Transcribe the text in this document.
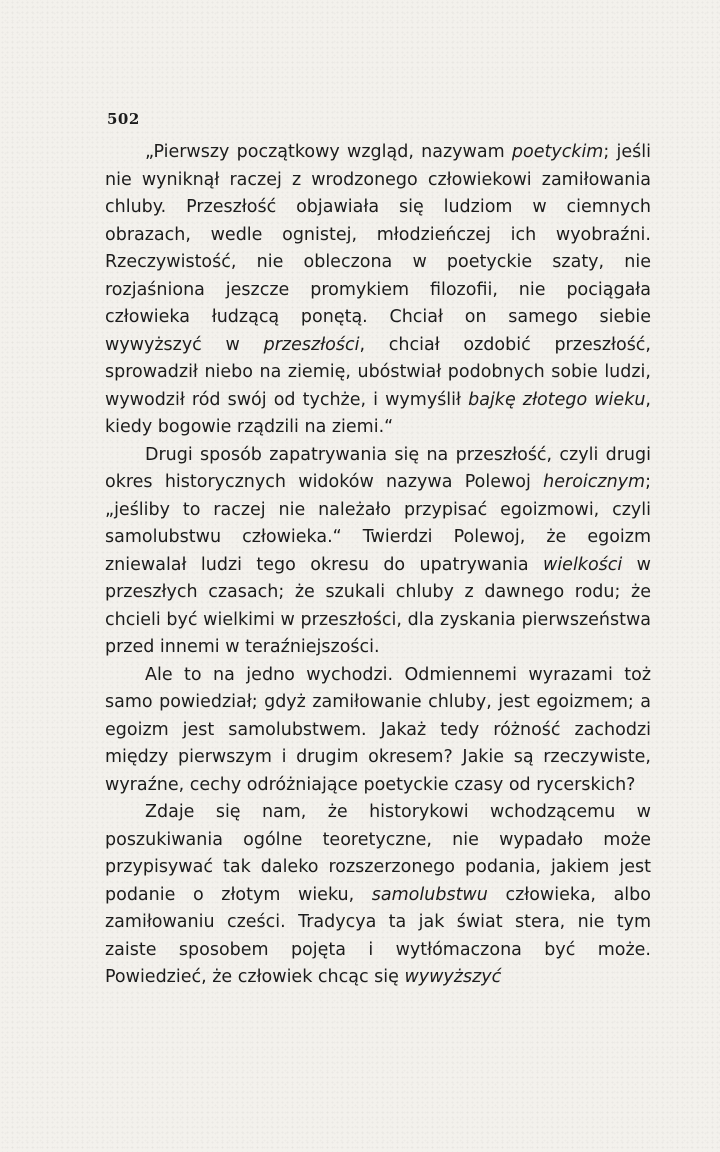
502

„Pierwszy początkowy wzgląd, nazywam poetyckim; jeśli nie wyniknął raczej z wrodzonego człowiekowi zamiłowania chluby. Przeszłość objawiała się ludziom w ciemnych obrazach, wedle ognistej, młodzieńczej ich wyobraźni. Rzeczywistość, nie obleczona w poetyckie szaty, nie rozjaśniona jeszcze promykiem filozofii, nie pociągała człowieka łudzącą ponętą. Chciał on samego siebie wywyższyć w przeszłości, chciał ozdobić przeszłość, sprowadził niebo na ziemię, ubóstwiał podobnych sobie ludzi, wywodził ród swój od tychże, i wymyślił bajkę złotego wieku, kiedy bogowie rządzili na ziemi.“

Drugi sposób zapatrywania się na przeszłość, czyli drugi okres historycznych widoków nazywa Polewoj heroicznym; „jeśliby to raczej nie należało przypisać egoizmowi, czyli samolubstwu człowieka.“ Twierdzi Polewoj, że egoizm zniewalał ludzi tego okresu do upatrywania wielkości w przeszłych czasach; że szukali chluby z dawnego rodu; że chcieli być wielkimi w przeszłości, dla zyskania pierwszeństwa przed innemi w teraźniejszości.

Ale to na jedno wychodzi. Odmiennemi wyrazami toż samo powiedział; gdyż zamiłowanie chluby, jest egoizmem; a egoizm jest samolubstwem. Jakaż tedy różność zachodzi między pierwszym i drugim okresem? Jakie są rzeczywiste, wyraźne, cechy odróżniające poetyckie czasy od rycerskich?

Zdaje się nam, że historykowi wchodzącemu w poszukiwania ogólne teoretyczne, nie wypadało może przypisywać tak daleko rozszerzonego podania, jakiem jest podanie o złotym wieku, samolubstwu człowieka, albo zamiłowaniu cześci. Tradycya ta jak świat stera, nie tym zaiste sposobem pojęta i wytłómaczona być może. Powiedzieć, że człowiek chcąc się wywyższyć
